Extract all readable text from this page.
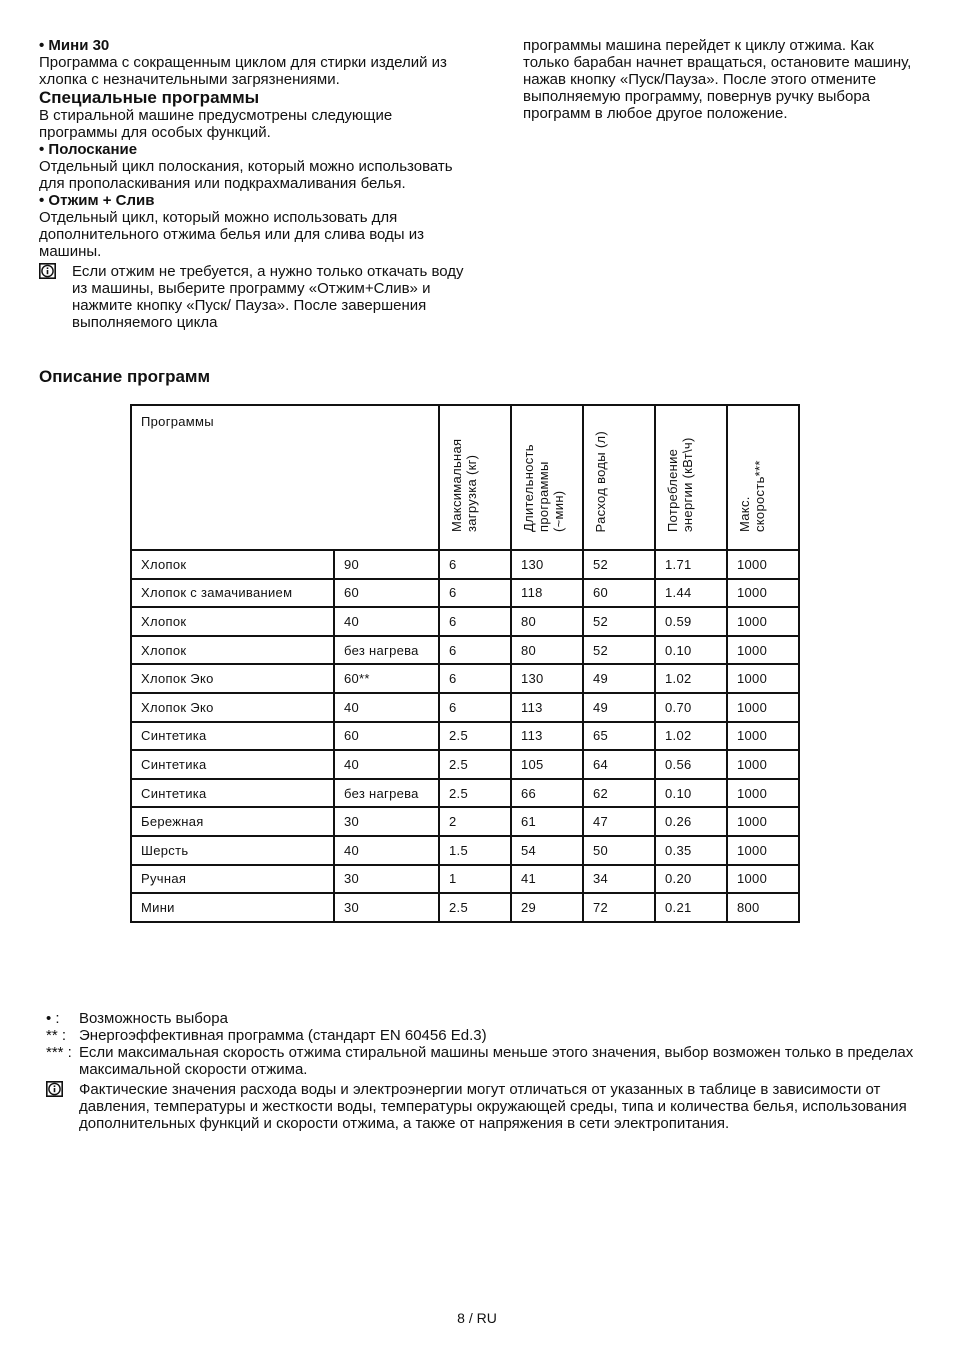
• Мини 30

Программа с сокращенным циклом для стирки изделий из хлопка с незначительными загрязнениями.

Специальные программы

В стиральной машине предусмотрены следующие программы для особых функций.

• Полоскание

Отдельный цикл полоскания, который можно использовать для прополаскивания или подкрахмаливания белья.

• Отжим + Слив

Отдельный цикл, который можно использовать для дополнительного отжима белья или для слива воды из машины.

Если отжим не требуется, а нужно только откачать воду из машины, выберите программу «Отжим+Слив» и нажмите кнопку «Пуск/ Пауза». После завершения выполняемого цикла

программы машина перейдет к циклу отжима. Как только барабан начнет вращаться, остановите машину, нажав кнопку «Пуск/Пауза». После этого отмените выполняемую программу, повернув ручку выбора программ в любое другое положение.

Описание программ
Программы		Максимальная загрузка (кг)	Длительность программы (~мин)	Расход воды (л)	Потребление энергии (кВт\ч)	Макс. скорость***

Хлопок	90	6	130	52	1.71	1000
Хлопок с замачиванием	60	6	118	60	1.44	1000
Хлопок	40	6	80	52	0.59	1000
Хлопок	без нагрева	6	80	52	0.10	1000
Хлопок Эко	60**	6	130	49	1.02	1000
Хлопок Эко	40	6	113	49	0.70	1000
Синтетика	60	2.5	113	65	1.02	1000
Синтетика	40	2.5	105	64	0.56	1000
Синтетика	без нагрева	2.5	66	62	0.10	1000
Бережная	30	2	61	47	0.26	1000
Шерсть	40	1.5	54	50	0.35	1000
Ручная	30	1	41	34	0.20	1000
Мини	30	2.5	29	72	0.21	800
• :	Возможность выбора
** : Энергоэффективная программа (стандарт EN 60456 Ed.3)
*** : Если максимальная скорость отжима стиральной машины меньше этого значения, выбор возможен только в пределах максимальной скорости отжима.

Фактические значения расхода воды и электроэнергии могут отличаться от указанных в таблице в зависимости от давления, температуры и жесткости воды, температуры окружающей среды, типа и количества белья, использования дополнительных функций и скорости отжима, а также от напряжения в сети электропитания.

8 / RU
